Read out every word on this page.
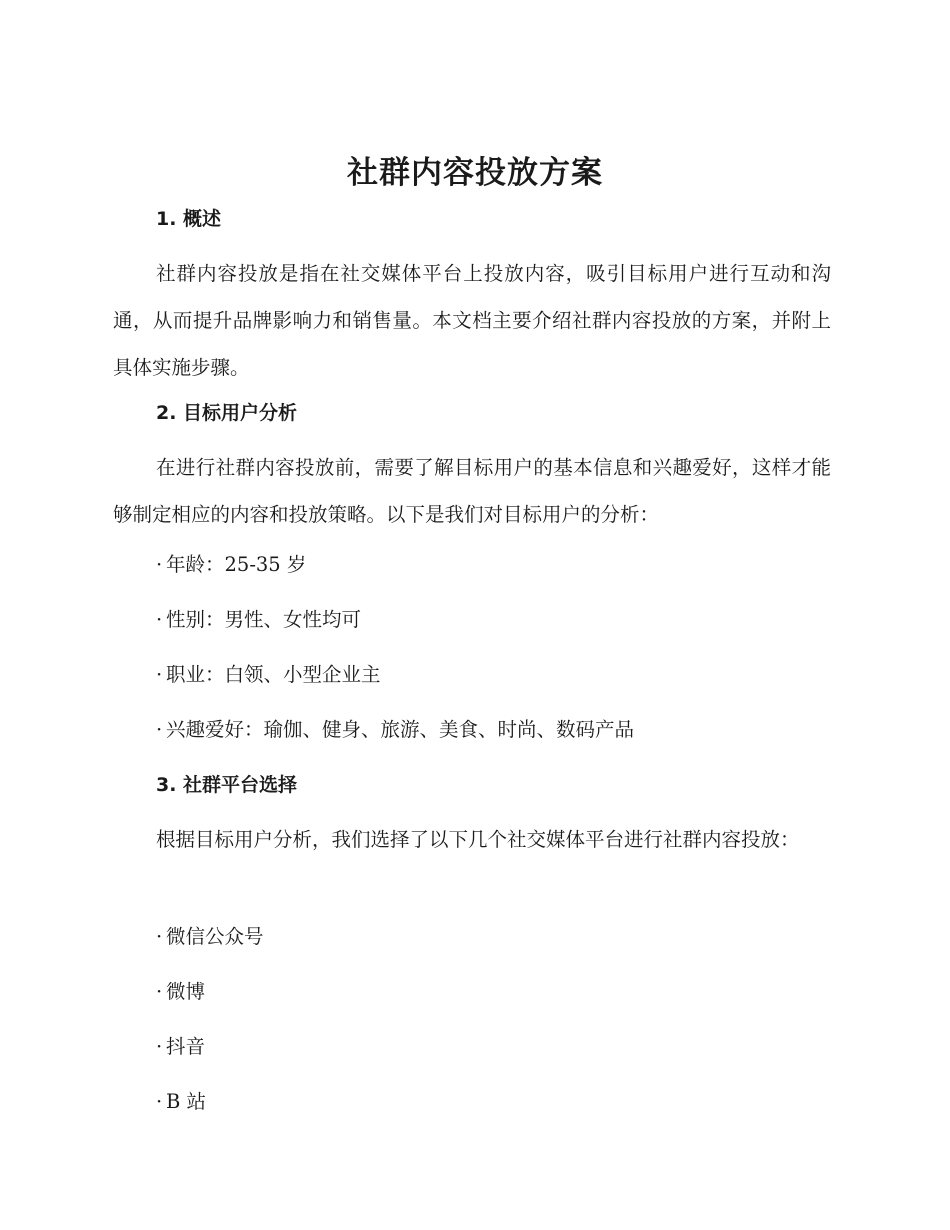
社群内容投放方案
1. 概述

社群内容投放是指在社交媒体平台上投放内容，吸引目标用户进行互动和沟通，从而提升品牌影响力和销售量。本文档主要介绍社群内容投放的方案，并附上具体实施步骤。

2. 目标用户分析

在进行社群内容投放前，需要了解目标用户的基本信息和兴趣爱好，这样才能够制定相应的内容和投放策略。以下是我们对目标用户的分析：

· 年龄：25-35 岁
· 性别：男性、女性均可
· 职业：白领、小型企业主
· 兴趣爱好：瑜伽、健身、旅游、美食、时尚、数码产品
3. 社群平台选择

根据目标用户分析，我们选择了以下几个社交媒体平台进行社群内容投放：

· 微信公众号
· 微博
· 抖音
· B 站
